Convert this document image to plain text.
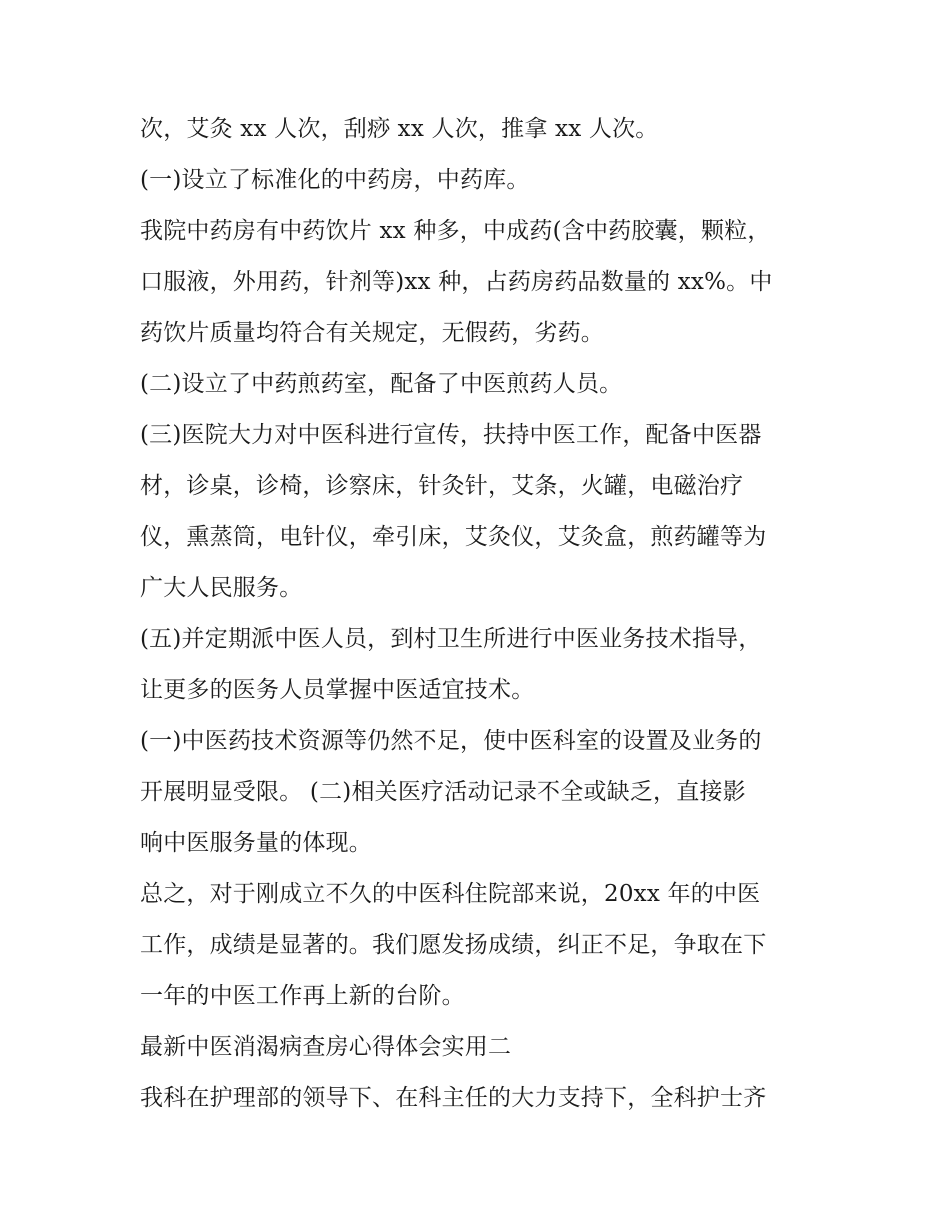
次，艾灸 xx 人次，刮痧 xx 人次，推拿 xx 人次。
(一)设立了标准化的中药房，中药库。
我院中药房有中药饮片 xx 种多，中成药(含中药胶囊，颗粒，
口服液，外用药，针剂等)xx 种，占药房药品数量的 xx%。中
药饮片质量均符合有关规定，无假药，劣药。
(二)设立了中药煎药室，配备了中医煎药人员。
(三)医院大力对中医科进行宣传，扶持中医工作，配备中医器
材，诊桌，诊椅，诊察床，针灸针，艾条，火罐，电磁治疗
仪，熏蒸筒，电针仪，牵引床，艾灸仪，艾灸盒，煎药罐等为
广大人民服务。
(五)并定期派中医人员，到村卫生所进行中医业务技术指导，
让更多的医务人员掌握中医适宜技术。
(一)中医药技术资源等仍然不足，使中医科室的设置及业务的
开展明显受限。 (二)相关医疗活动记录不全或缺乏，直接影
响中医服务量的体现。
总之，对于刚成立不久的中医科住院部来说，20xx 年的中医
工作，成绩是显著的。我们愿发扬成绩，纠正不足，争取在下
一年的中医工作再上新的台阶。
最新中医消渴病查房心得体会实用二
我科在护理部的领导下、在科主任的大力支持下，全科护士齐
